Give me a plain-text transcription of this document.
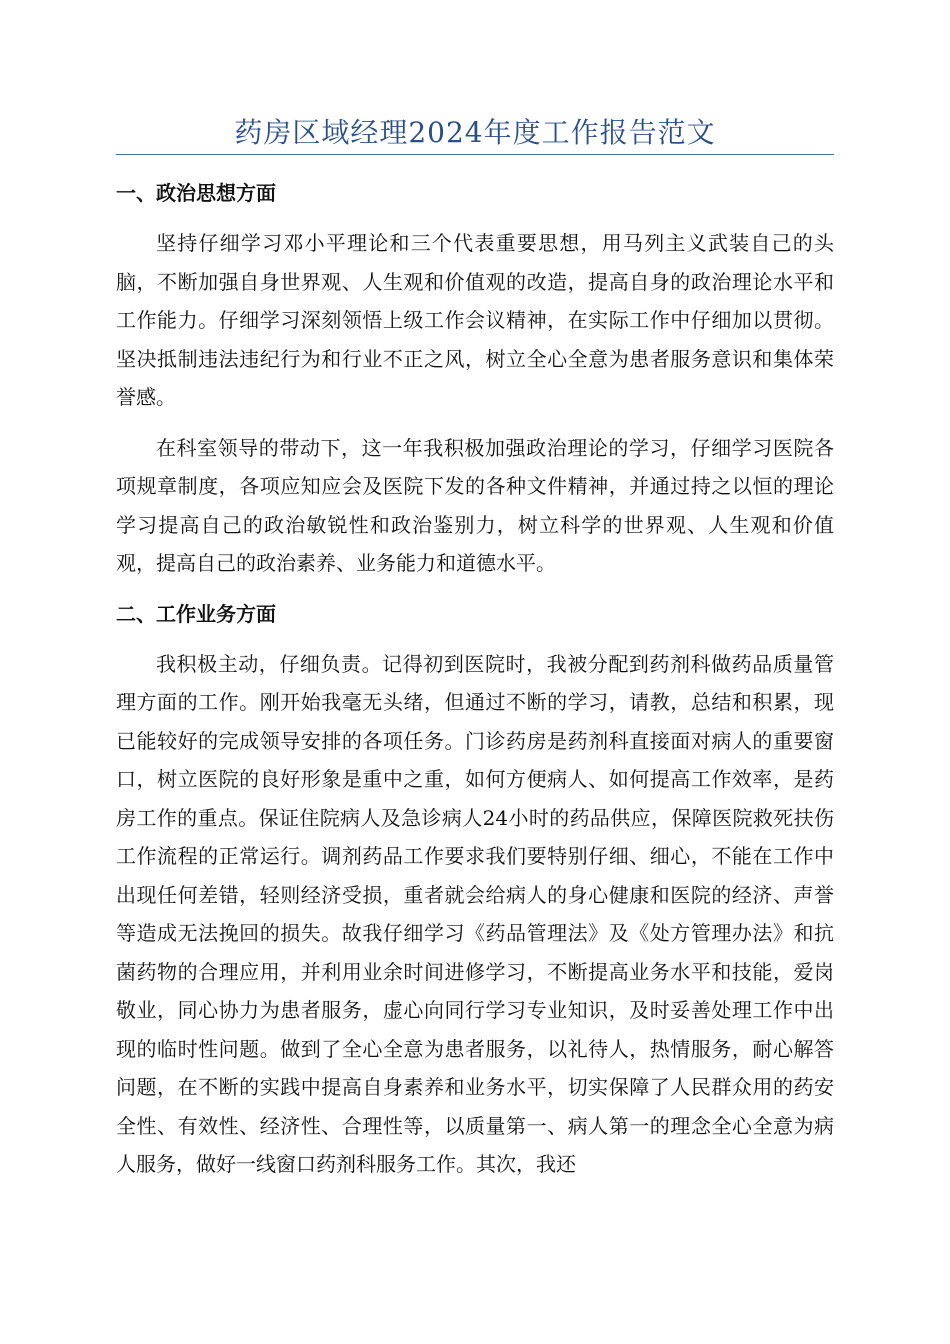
药房区域经理2024年度工作报告范文
一、政治思想方面

坚持仔细学习邓小平理论和三个代表重要思想，用马列主义武装自己的头脑，不断加强自身世界观、人生观和价值观的改造，提高自身的政治理论水平和工作能力。仔细学习深刻领悟上级工作会议精神，在实际工作中仔细加以贯彻。坚决抵制违法违纪行为和行业不正之风，树立全心全意为患者服务意识和集体荣誉感。

在科室领导的带动下，这一年我积极加强政治理论的学习，仔细学习医院各项规章制度，各项应知应会及医院下发的各种文件精神，并通过持之以恒的理论学习提高自己的政治敏锐性和政治鉴别力，树立科学的世界观、人生观和价值观，提高自己的政治素养、业务能力和道德水平。

二、工作业务方面

我积极主动，仔细负责。记得初到医院时，我被分配到药剂科做药品质量管理方面的工作。刚开始我毫无头绪，但通过不断的学习，请教，总结和积累，现已能较好的完成领导安排的各项任务。门诊药房是药剂科直接面对病人的重要窗口，树立医院的良好形象是重中之重，如何方便病人、如何提高工作效率，是药房工作的重点。保证住院病人及急诊病人24小时的药品供应，保障医院救死扶伤工作流程的正常运行。调剂药品工作要求我们要特别仔细、细心，不能在工作中出现任何差错，轻则经济受损，重者就会给病人的身心健康和医院的经济、声誉等造成无法挽回的损失。故我仔细学习《药品管理法》及《处方管理办法》和抗菌药物的合理应用，并利用业余时间进修学习，不断提高业务水平和技能，爱岗敬业，同心协力为患者服务，虚心向同行学习专业知识，及时妥善处理工作中出现的临时性问题。做到了全心全意为患者服务，以礼待人，热情服务，耐心解答问题，在不断的实践中提高自身素养和业务水平，切实保障了人民群众用的药安全性、有效性、经济性、合理性等，以质量第一、病人第一的理念全心全意为病人服务，做好一线窗口药剂科服务工作。其次，我还
